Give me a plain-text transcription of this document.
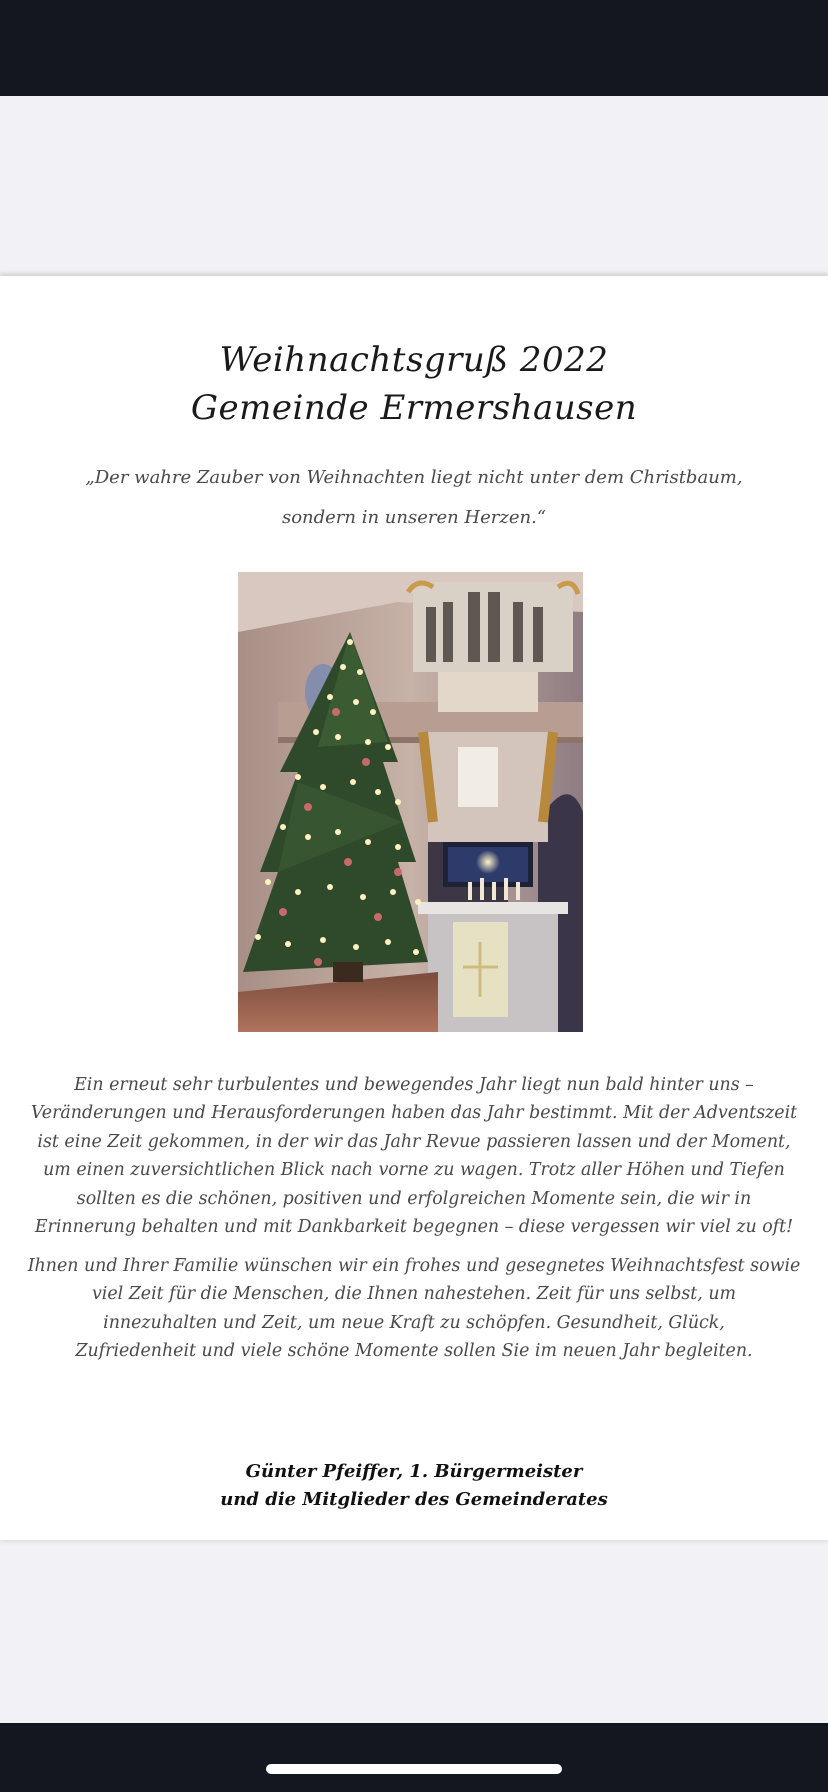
Weihnachtsgruß 2022
Gemeinde Ermershausen
„Der wahre Zauber von Weihnachten liegt nicht unter dem Christbaum,
sondern in unseren Herzen.“
Ein erneut sehr turbulentes und bewegendes Jahr liegt nun bald hinter uns –
Veränderungen und Herausforderungen haben das Jahr bestimmt. Mit der Adventszeit
ist eine Zeit gekommen, in der wir das Jahr Revue passieren lassen und der Moment,
um einen zuversichtlichen Blick nach vorne zu wagen. Trotz aller Höhen und Tiefen
sollten es die schönen, positiven und erfolgreichen Momente sein, die wir in
Erinnerung behalten und mit Dankbarkeit begegnen – diese vergessen wir viel zu oft!
Ihnen und Ihrer Familie wünschen wir ein frohes und gesegnetes Weihnachtsfest sowie
viel Zeit für die Menschen, die Ihnen nahestehen. Zeit für uns selbst, um
innezuhalten und Zeit, um neue Kraft zu schöpfen. Gesundheit, Glück,
Zufriedenheit und viele schöne Momente sollen Sie im neuen Jahr begleiten.
Günter Pfeiffer, 1. Bürgermeister
und die Mitglieder des Gemeinderates
